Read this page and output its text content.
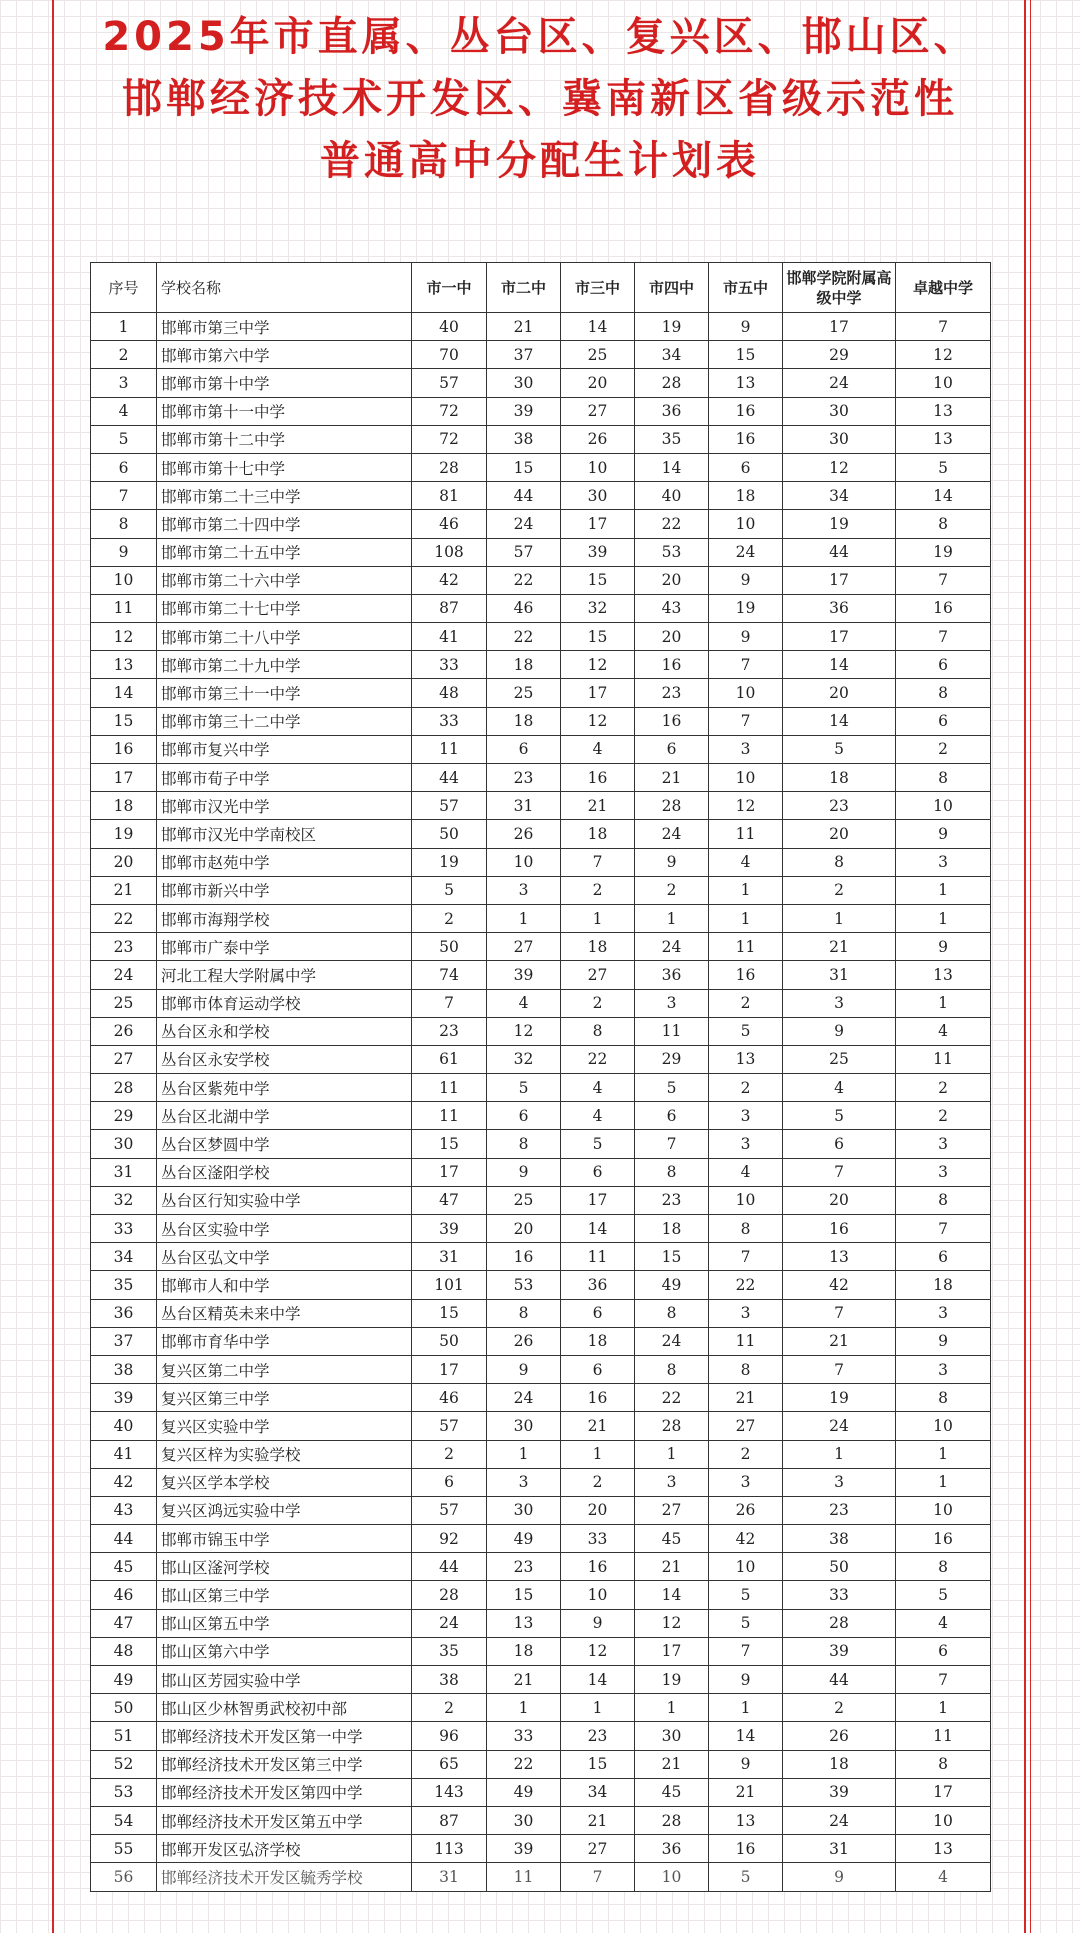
2025年市直属、丛台区、复兴区、邯山区、
邯郸经济技术开发区、冀南新区省级示范性
普通高中分配生计划表
序号	学校名称	市一中	市二中	市三中	市四中	市五中	邯郸学院附属高级中学	卓越中学
1	邯郸市第三中学	40	21	14	19	9	17	7
2	邯郸市第六中学	70	37	25	34	15	29	12
3	邯郸市第十中学	57	30	20	28	13	24	10
4	邯郸市第十一中学	72	39	27	36	16	30	13
5	邯郸市第十二中学	72	38	26	35	16	30	13
6	邯郸市第十七中学	28	15	10	14	6	12	5
7	邯郸市第二十三中学	81	44	30	40	18	34	14
8	邯郸市第二十四中学	46	24	17	22	10	19	8
9	邯郸市第二十五中学	108	57	39	53	24	44	19
10	邯郸市第二十六中学	42	22	15	20	9	17	7
11	邯郸市第二十七中学	87	46	32	43	19	36	16
12	邯郸市第二十八中学	41	22	15	20	9	17	7
13	邯郸市第二十九中学	33	18	12	16	7	14	6
14	邯郸市第三十一中学	48	25	17	23	10	20	8
15	邯郸市第三十二中学	33	18	12	16	7	14	6
16	邯郸市复兴中学	11	6	4	6	3	5	2
17	邯郸市荀子中学	44	23	16	21	10	18	8
18	邯郸市汉光中学	57	31	21	28	12	23	10
19	邯郸市汉光中学南校区	50	26	18	24	11	20	9
20	邯郸市赵苑中学	19	10	7	9	4	8	3
21	邯郸市新兴中学	5	3	2	2	1	2	1
22	邯郸市海翔学校	2	1	1	1	1	1	1
23	邯郸市广泰中学	50	27	18	24	11	21	9
24	河北工程大学附属中学	74	39	27	36	16	31	13
25	邯郸市体育运动学校	7	4	2	3	2	3	1
26	丛台区永和学校	23	12	8	11	5	9	4
27	丛台区永安学校	61	32	22	29	13	25	11
28	丛台区紫苑中学	11	5	4	5	2	4	2
29	丛台区北湖中学	11	6	4	6	3	5	2
30	丛台区梦圆中学	15	8	5	7	3	6	3
31	丛台区滏阳学校	17	9	6	8	4	7	3
32	丛台区行知实验中学	47	25	17	23	10	20	8
33	丛台区实验中学	39	20	14	18	8	16	7
34	丛台区弘文中学	31	16	11	15	7	13	6
35	邯郸市人和中学	101	53	36	49	22	42	18
36	丛台区精英未来中学	15	8	6	8	3	7	3
37	邯郸市育华中学	50	26	18	24	11	21	9
38	复兴区第二中学	17	9	6	8	8	7	3
39	复兴区第三中学	46	24	16	22	21	19	8
40	复兴区实验中学	57	30	21	28	27	24	10
41	复兴区梓为实验学校	2	1	1	1	2	1	1
42	复兴区学本学校	6	3	2	3	3	3	1
43	复兴区鸿远实验中学	57	30	20	27	26	23	10
44	邯郸市锦玉中学	92	49	33	45	42	38	16
45	邯山区滏河学校	44	23	16	21	10	50	8
46	邯山区第三中学	28	15	10	14	5	33	5
47	邯山区第五中学	24	13	9	12	5	28	4
48	邯山区第六中学	35	18	12	17	7	39	6
49	邯山区芳园实验中学	38	21	14	19	9	44	7
50	邯山区少林智勇武校初中部	2	1	1	1	1	2	1
51	邯郸经济技术开发区第一中学	96	33	23	30	14	26	11
52	邯郸经济技术开发区第三中学	65	22	15	21	9	18	8
53	邯郸经济技术开发区第四中学	143	49	34	45	21	39	17
54	邯郸经济技术开发区第五中学	87	30	21	28	13	24	10
55	邯郸开发区弘济学校	113	39	27	36	16	31	13
56	邯郸经济技术开发区毓秀学校	31	11	7	10	5	9	4
